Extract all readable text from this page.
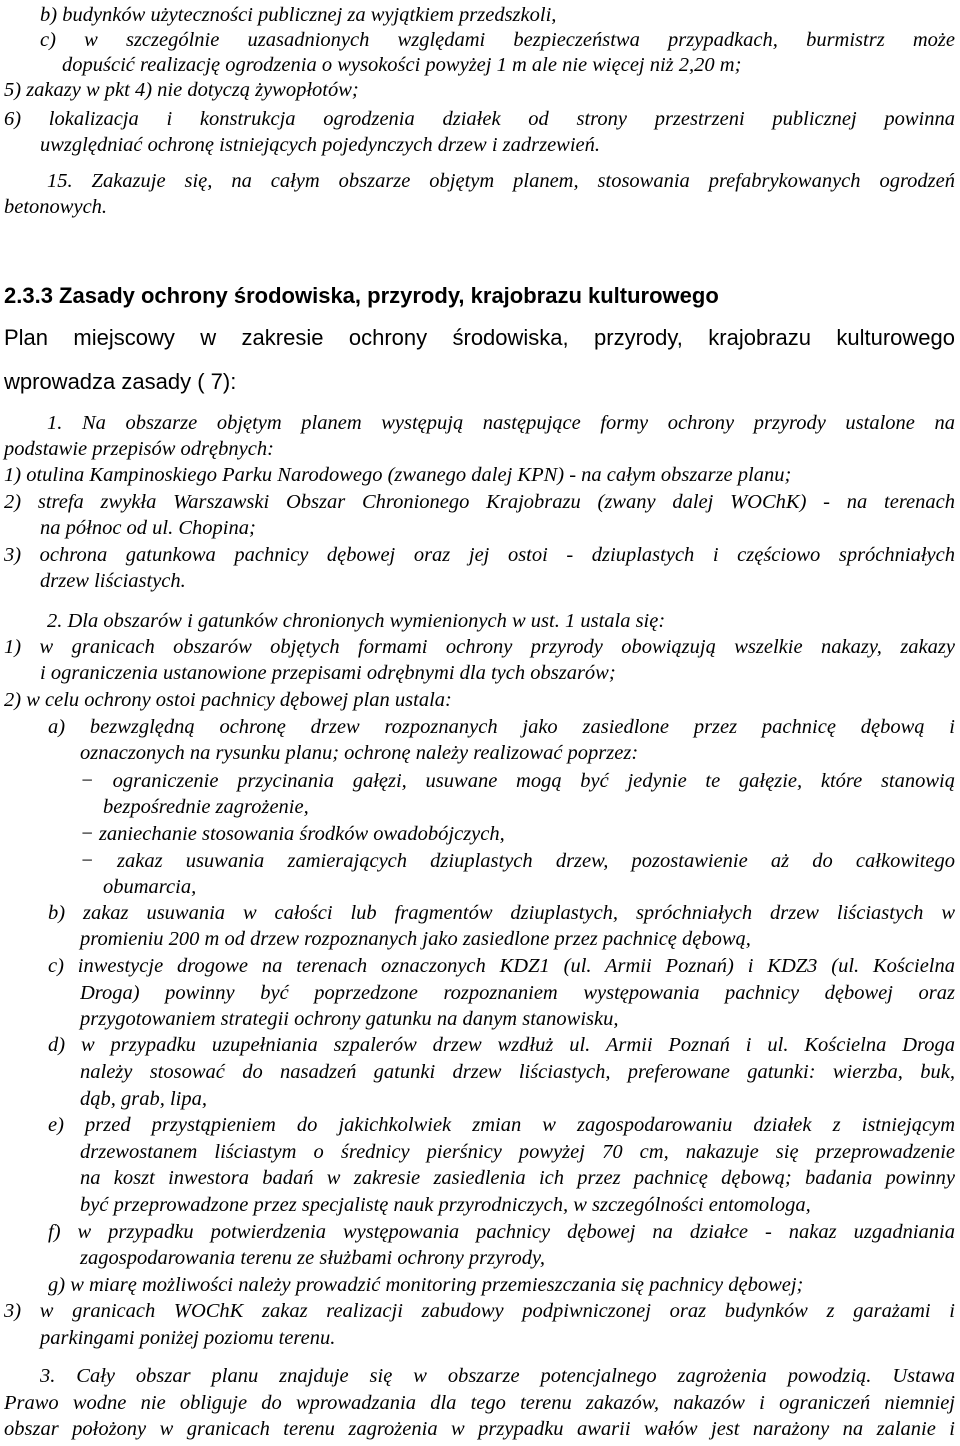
b) budynków użyteczności publicznej za wyjątkiem przedszkoli,
c) w szczególnie uzasadnionych względami bezpieczeństwa przypadkach, burmistrz może
dopuścić realizację ogrodzenia o wysokości powyżej 1 m ale nie więcej niż 2,20 m;
5) zakazy w pkt 4) nie dotyczą żywopłotów;
6) lokalizacja i konstrukcja ogrodzenia działek od strony przestrzeni publicznej powinna
uwzględniać ochronę istniejących pojedynczych drzew i zadrzewień.
15. Zakazuje się, na całym obszarze objętym planem, stosowania prefabrykowanych ogrodzeń
betonowych.
2.3.3 Zasady ochrony środowiska, przyrody, krajobrazu kulturowego
Plan miejscowy w zakresie ochrony środowiska, przyrody, krajobrazu kulturowego
wprowadza zasady ( 7):
1. Na obszarze objętym planem występują następujące formy ochrony przyrody ustalone na
podstawie przepisów odrębnych:
1) otulina Kampinoskiego Parku Narodowego (zwanego dalej KPN) - na całym obszarze planu;
2) strefa zwykła Warszawski Obszar Chronionego Krajobrazu (zwany dalej WOChK) - na terenach
na północ od ul. Chopina;
3) ochrona gatunkowa pachnicy dębowej oraz jej ostoi - dziuplastych i częściowo spróchniałych
drzew liściastych.
2. Dla obszarów i gatunków chronionych wymienionych w ust. 1 ustala się:
1) w granicach obszarów objętych formami ochrony przyrody obowiązują wszelkie nakazy, zakazy
i ograniczenia ustanowione przepisami odrębnymi dla tych obszarów;
2) w celu ochrony ostoi pachnicy dębowej plan ustala:
a) bezwzględną ochronę drzew rozpoznanych jako zasiedlone przez pachnicę dębową i
oznaczonych na rysunku planu; ochronę należy realizować poprzez:
− ograniczenie przycinania gałęzi, usuwane mogą być jedynie te gałęzie, które stanowią
bezpośrednie zagrożenie,
− zaniechanie stosowania środków owadobójczych,
− zakaz usuwania zamierających dziuplastych drzew, pozostawienie aż do całkowitego
obumarcia,
b) zakaz usuwania w całości lub fragmentów dziuplastych, spróchniałych drzew liściastych w
promieniu 200 m od drzew rozpoznanych jako zasiedlone przez pachnicę dębową,
c) inwestycje drogowe na terenach oznaczonych KDZ1 (ul. Armii Poznań) i KDZ3 (ul. Kościelna
Droga) powinny być poprzedzone rozpoznaniem występowania pachnicy dębowej oraz
przygotowaniem strategii ochrony gatunku na danym stanowisku,
d) w przypadku uzupełniania szpalerów drzew wzdłuż ul. Armii Poznań i ul. Kościelna Droga
należy stosować do nasadzeń gatunki drzew liściastych, preferowane gatunki: wierzba, buk,
dąb, grab, lipa,
e) przed przystąpieniem do jakichkolwiek zmian w zagospodarowaniu działek z istniejącym
drzewostanem liściastym o średnicy pierśnicy powyżej 70 cm, nakazuje się przeprowadzenie
na koszt inwestora badań w zakresie zasiedlenia ich przez pachnicę dębową; badania powinny
być przeprowadzone przez specjalistę nauk przyrodniczych, w szczególności entomologa,
f) w przypadku potwierdzenia występowania pachnicy dębowej na działce - nakaz uzgadniania
zagospodarowania terenu ze służbami ochrony przyrody,
g) w miarę możliwości należy prowadzić monitoring przemieszczania się pachnicy dębowej;
3) w granicach WOChK zakaz realizacji zabudowy podpiwniczonej oraz budynków z garażami i
parkingami poniżej poziomu terenu.
3. Cały obszar planu znajduje się w obszarze potencjalnego zagrożenia powodzią. Ustawa
Prawo wodne nie obliguje do wprowadzania dla tego terenu zakazów, nakazów i ograniczeń niemniej
obszar położony w granicach terenu zagrożenia w przypadku awarii wałów jest narażony na zalanie i
